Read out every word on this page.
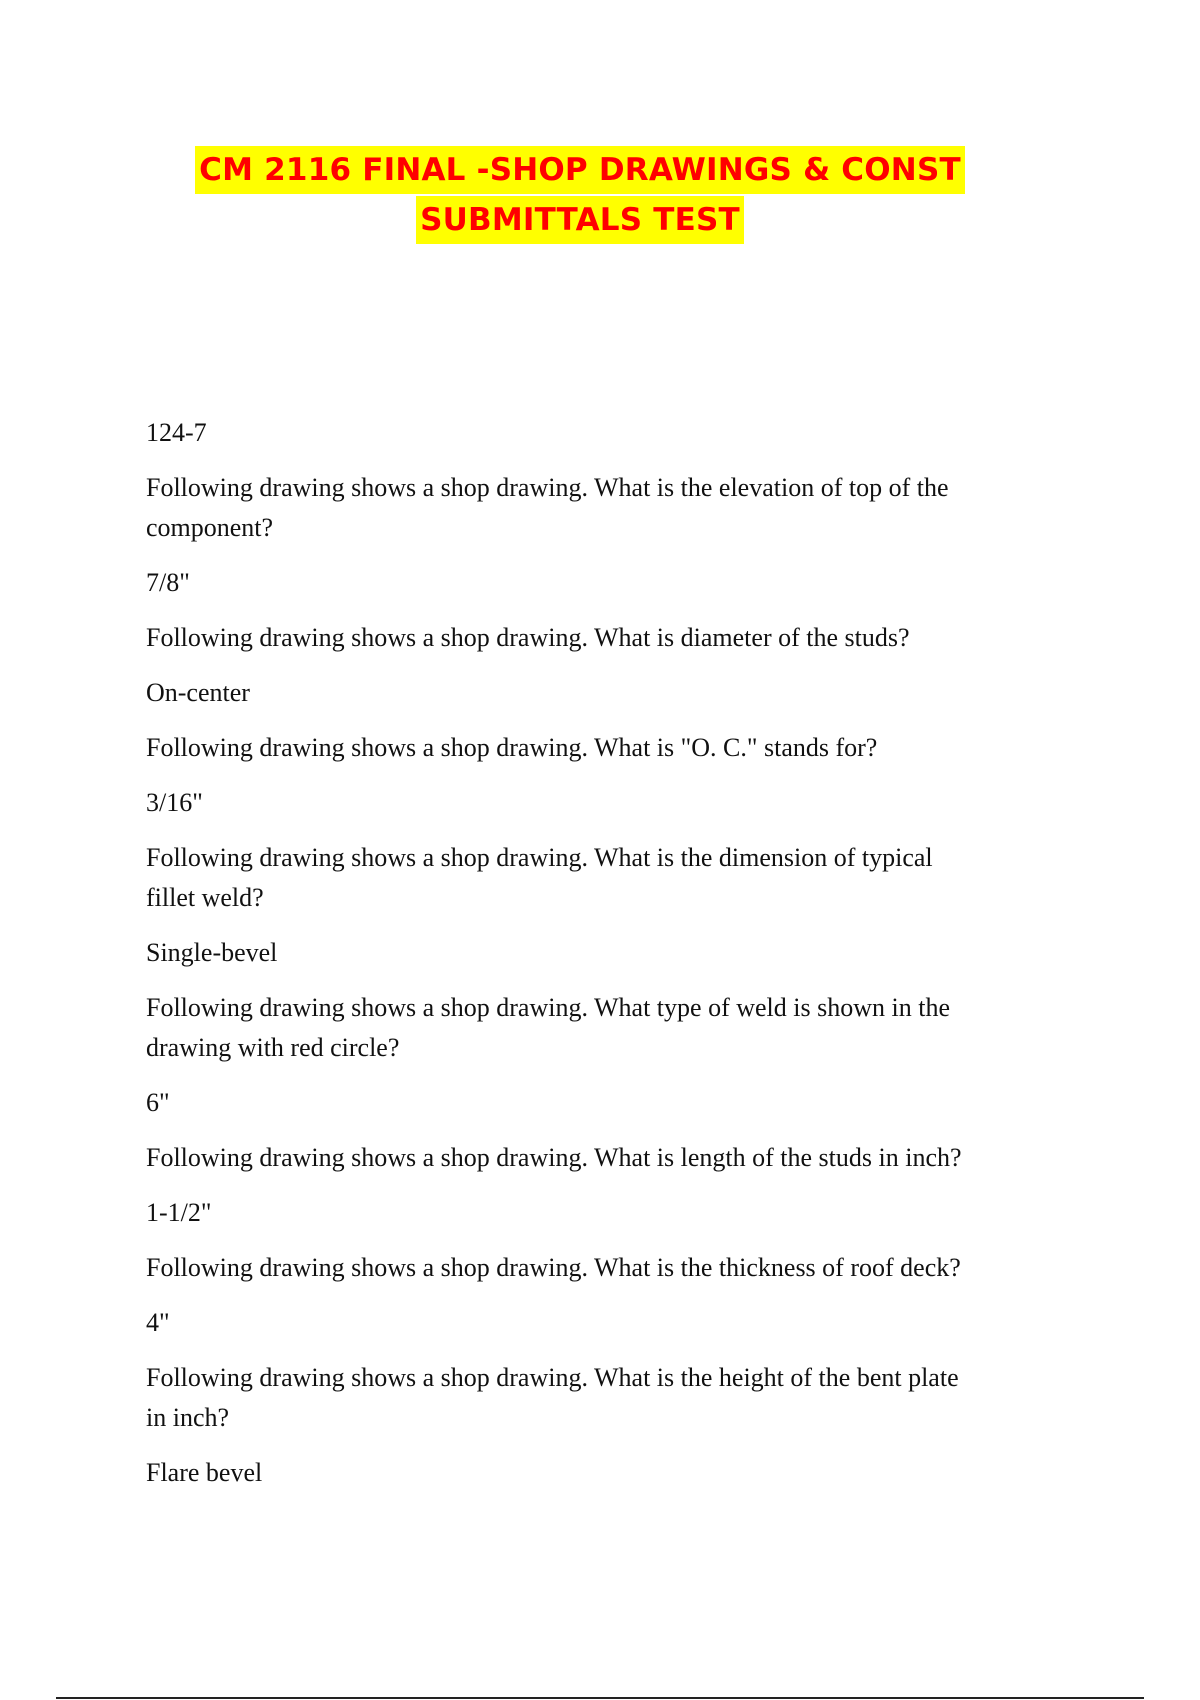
CM 2116 FINAL -SHOP DRAWINGS & CONST
SUBMITTALS TEST

124-7

Following drawing shows a shop drawing. What is the elevation of top of the
component?

7/8"

Following drawing shows a shop drawing. What is diameter of the studs?

On-center

Following drawing shows a shop drawing. What is "O. C." stands for?

3/16"

Following drawing shows a shop drawing. What is the dimension of typical
fillet weld?

Single-bevel

Following drawing shows a shop drawing. What type of weld is shown in the
drawing with red circle?

6"

Following drawing shows a shop drawing. What is length of the studs in inch?

1-1/2"

Following drawing shows a shop drawing. What is the thickness of roof deck?

4"

Following drawing shows a shop drawing. What is the height of the bent plate
in inch?

Flare bevel
